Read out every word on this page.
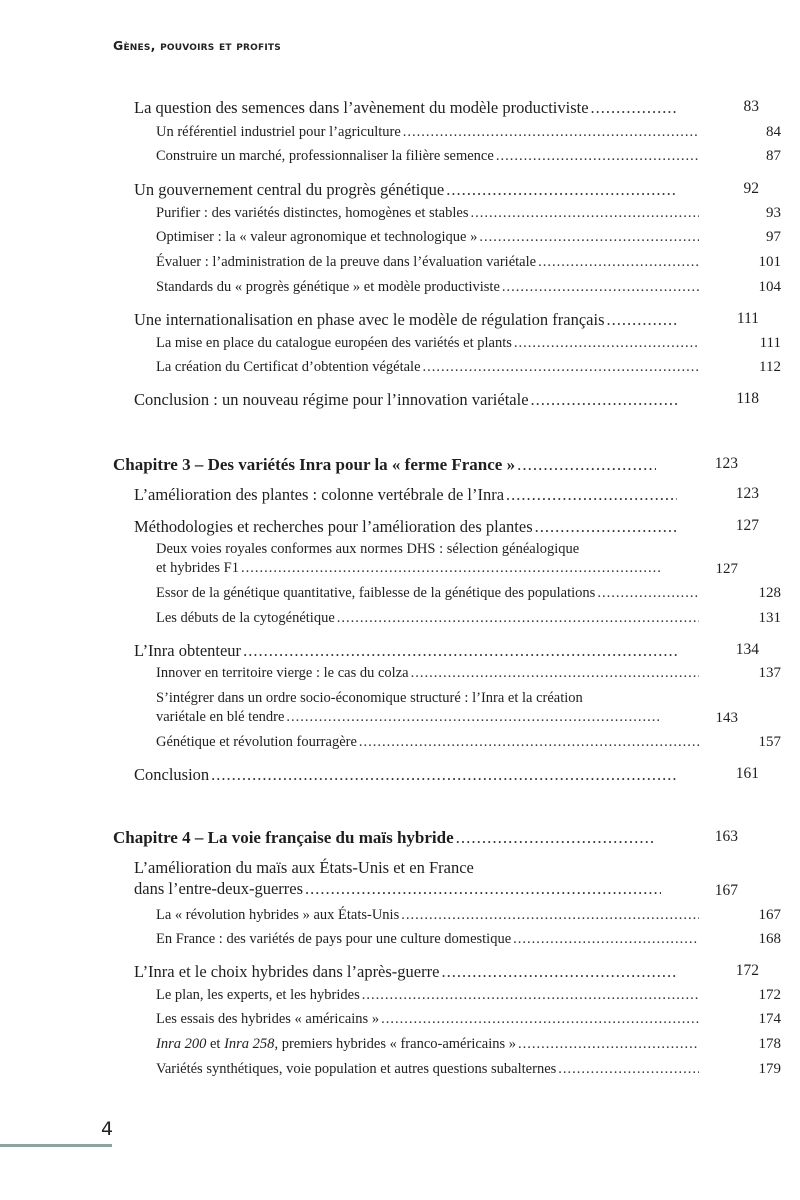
Gènes, pouvoirs et profits
La question des semences dans l’avènement du modèle productiviste .....	83
Un référentiel industriel pour l’agriculture .....	84
Construire un marché, professionnaliser la filière semence .....	87
Un gouvernement central du progrès génétique .....	92
Purifier : des variétés distinctes, homogènes et stables .....	93
Optimiser : la « valeur agronomique et technologique » .....	97
Évaluer : l’administration de la preuve dans l’évaluation variétale .....	101
Standards du « progrès génétique » et modèle productiviste .....	104
Une internationalisation en phase avec le modèle de régulation français .....	111
La mise en place du catalogue européen des variétés et plants .....	111
La création du Certificat d’obtention végétale .....	112
Conclusion : un nouveau régime pour l’innovation variétale .....	118
Chapitre 3 – Des variétés Inra pour la « ferme France » .....	123
L’amélioration des plantes : colonne vertébrale de l’Inra .....	123
Méthodologies et recherches pour l’amélioration des plantes .....	127
Deux voies royales conformes aux normes DHS : sélection généalogique
et hybrides F1 .....	127
Essor de la génétique quantitative, faiblesse de la génétique des populations .....	128
Les débuts de la cytogénétique .....	131
L’Inra obtenteur .....	134
Innover en territoire vierge : le cas du colza .....	137
S’intégrer dans un ordre socio-économique structuré : l’Inra et la création
variétale en blé tendre .....	143
Génétique et révolution fourragère .....	157
Conclusion .....	161
Chapitre 4 – La voie française du maïs hybride .....	163
L’amélioration du maïs aux États-Unis et en France
dans l’entre-deux-guerres .....	167
La « révolution hybrides » aux États-Unis .....	167
En France : des variétés de pays pour une culture domestique .....	168
L’Inra et le choix hybrides dans l’après-guerre .....	172
Le plan, les experts, et les hybrides .....	172
Les essais des hybrides « américains » .....	174
Inra 200 et Inra 258, premiers hybrides « franco-américains » .....	178
Variétés synthétiques, voie population et autres questions subalternes .....	179
4
